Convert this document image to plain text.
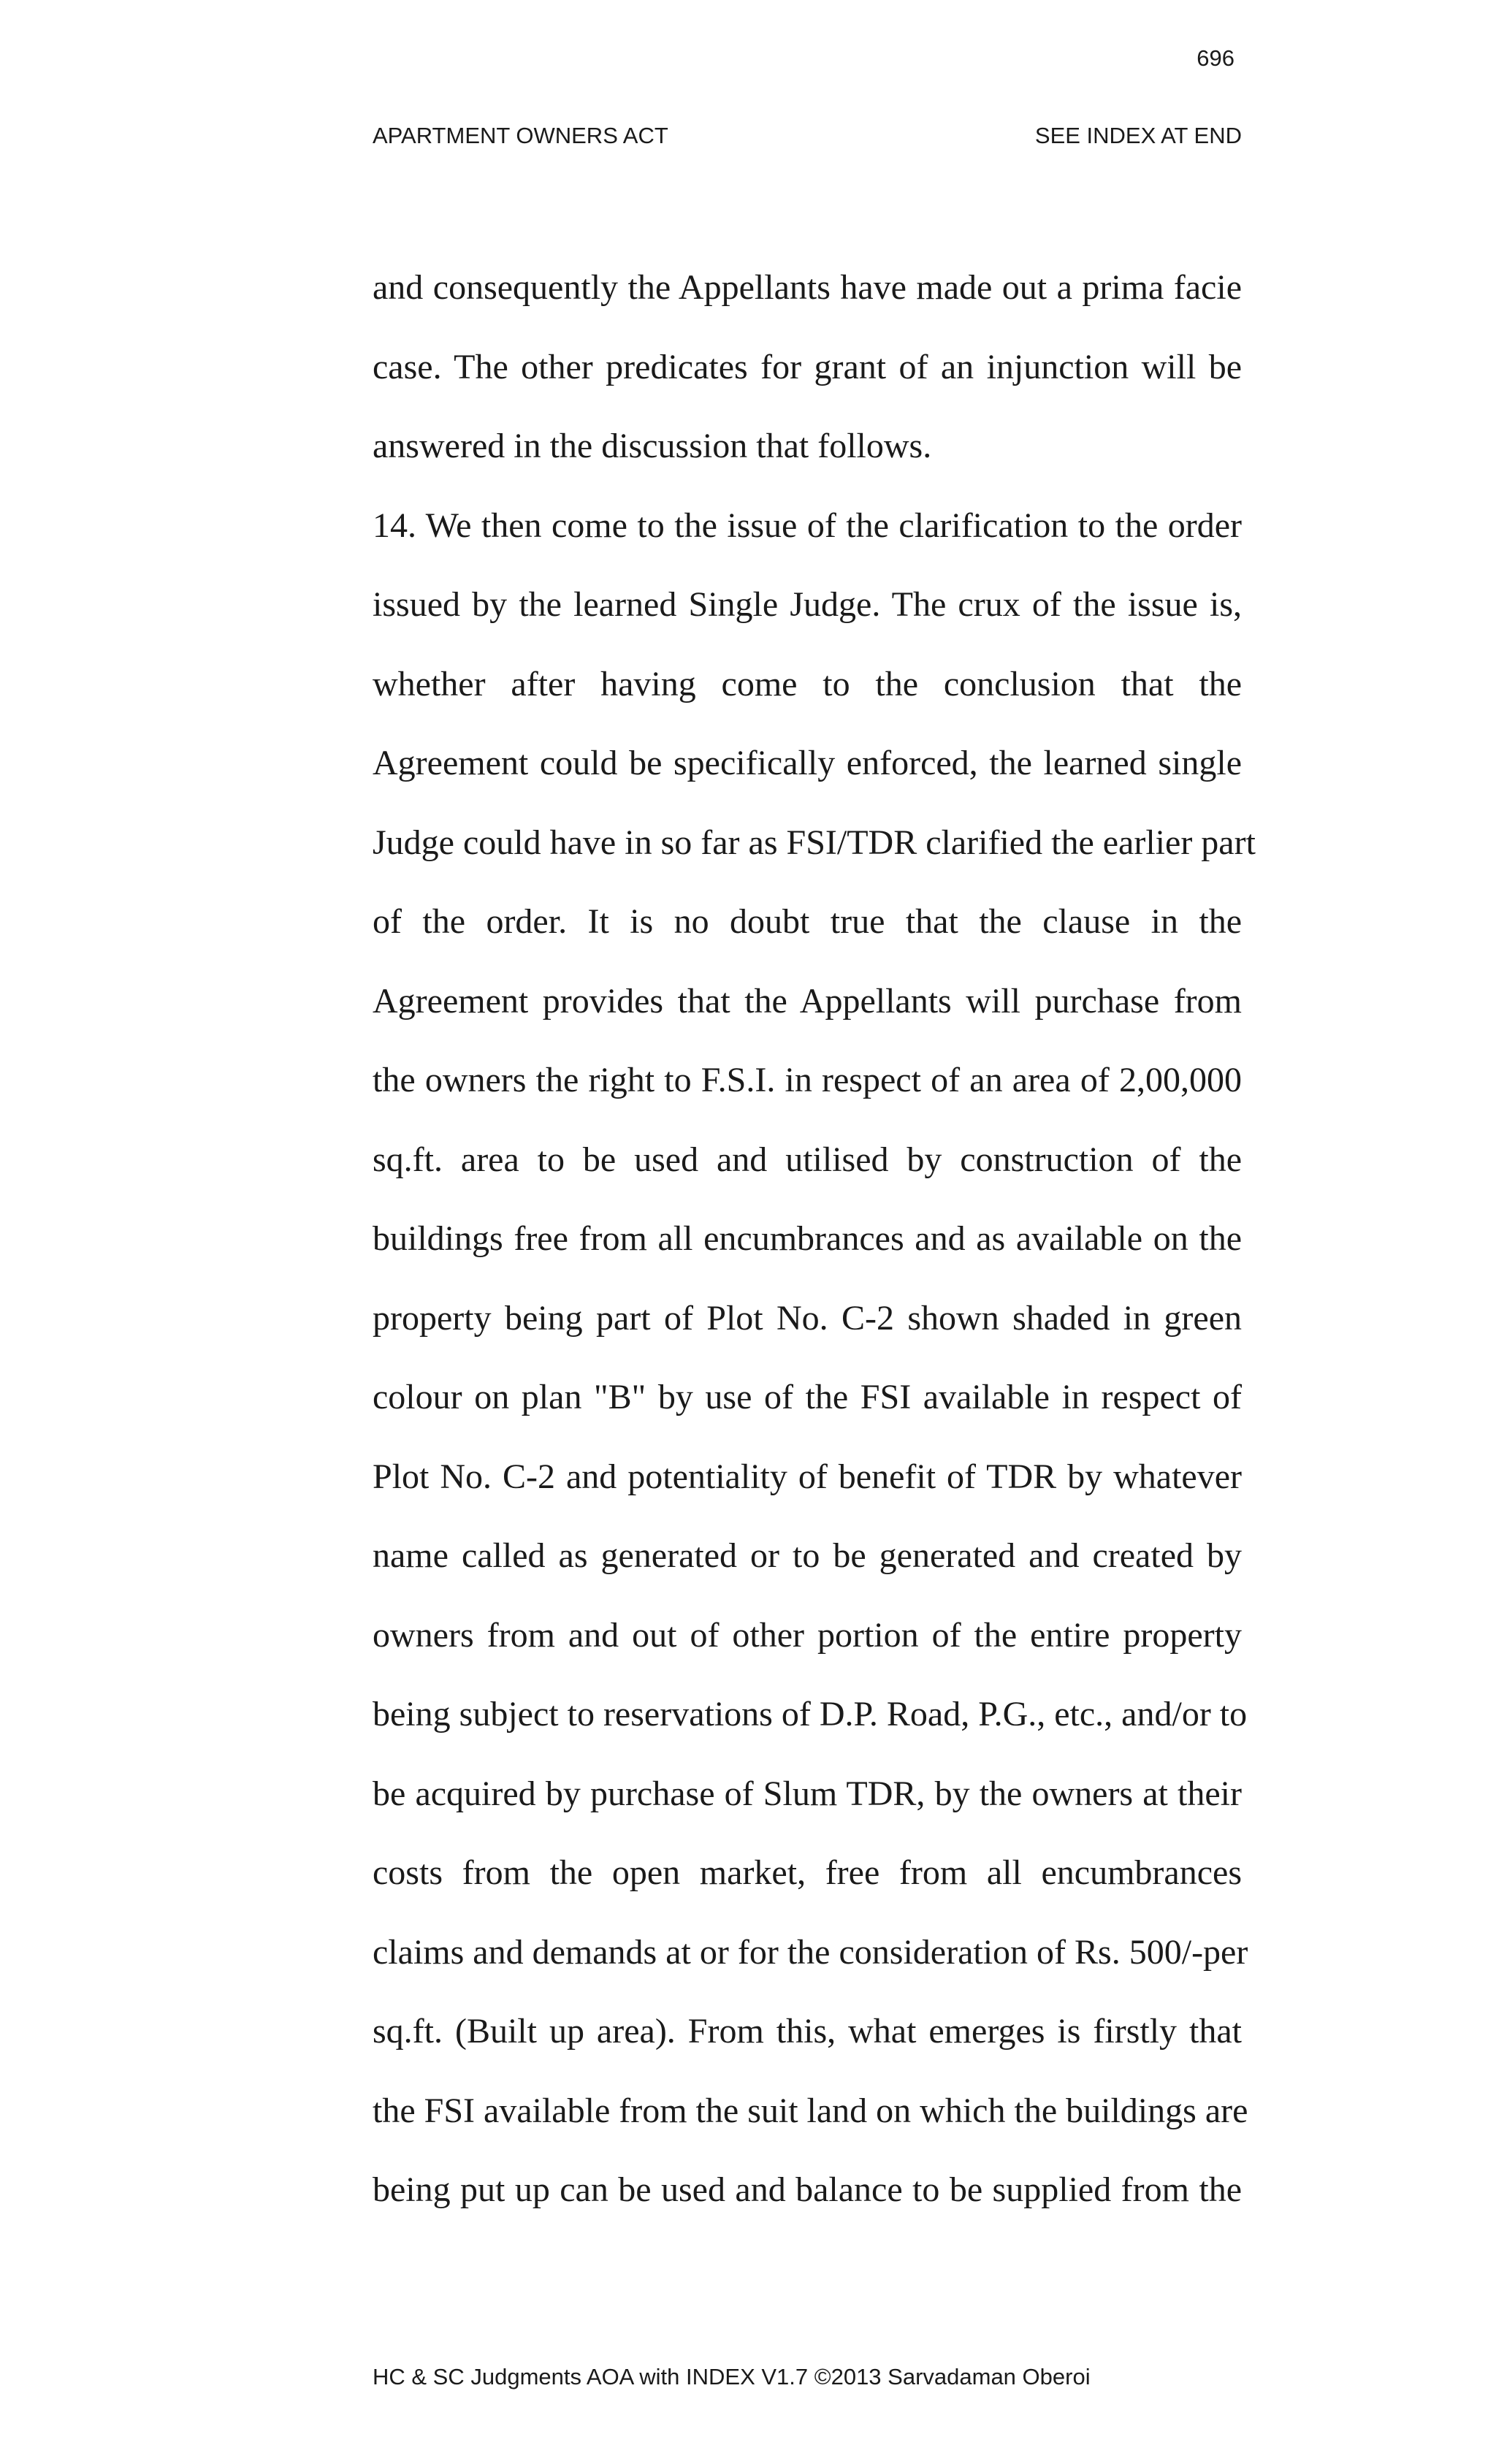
696
APARTMENT OWNERS ACT	SEE INDEX AT END
and consequently the Appellants have made out a prima facie
case. The other predicates for grant of an injunction will be
answered in the discussion that follows.
14. We then come to the issue of the clarification to the order
issued by the learned Single Judge. The crux of the issue is,
whether after having come to the conclusion that the
Agreement could be specifically enforced, the learned single
Judge could have in so far as FSI/TDR clarified the earlier part
of the order. It is no doubt true that the clause in the
Agreement provides that the Appellants will purchase from
the owners the right to F.S.I. in respect of an area of 2,00,000
sq.ft. area to be used and utilised by construction of the
buildings free from all encumbrances and as available on the
property being part of Plot No. C-2 shown shaded in green
colour on plan "B" by use of the FSI available in respect of
Plot No. C-2 and potentiality of benefit of TDR by whatever
name called as generated or to be generated and created by
owners from and out of other portion of the entire property
being subject to reservations of D.P. Road, P.G., etc., and/or to
be acquired by purchase of Slum TDR, by the owners at their
costs from the open market, free from all encumbrances
claims and demands at or for the consideration of Rs. 500/-per
sq.ft. (Built up area). From this, what emerges is firstly that
the FSI available from the suit land on which the buildings are
being put up can be used and balance to be supplied from the
HC & SC Judgments AOA with INDEX V1.7 ©2013 Sarvadaman Oberoi
